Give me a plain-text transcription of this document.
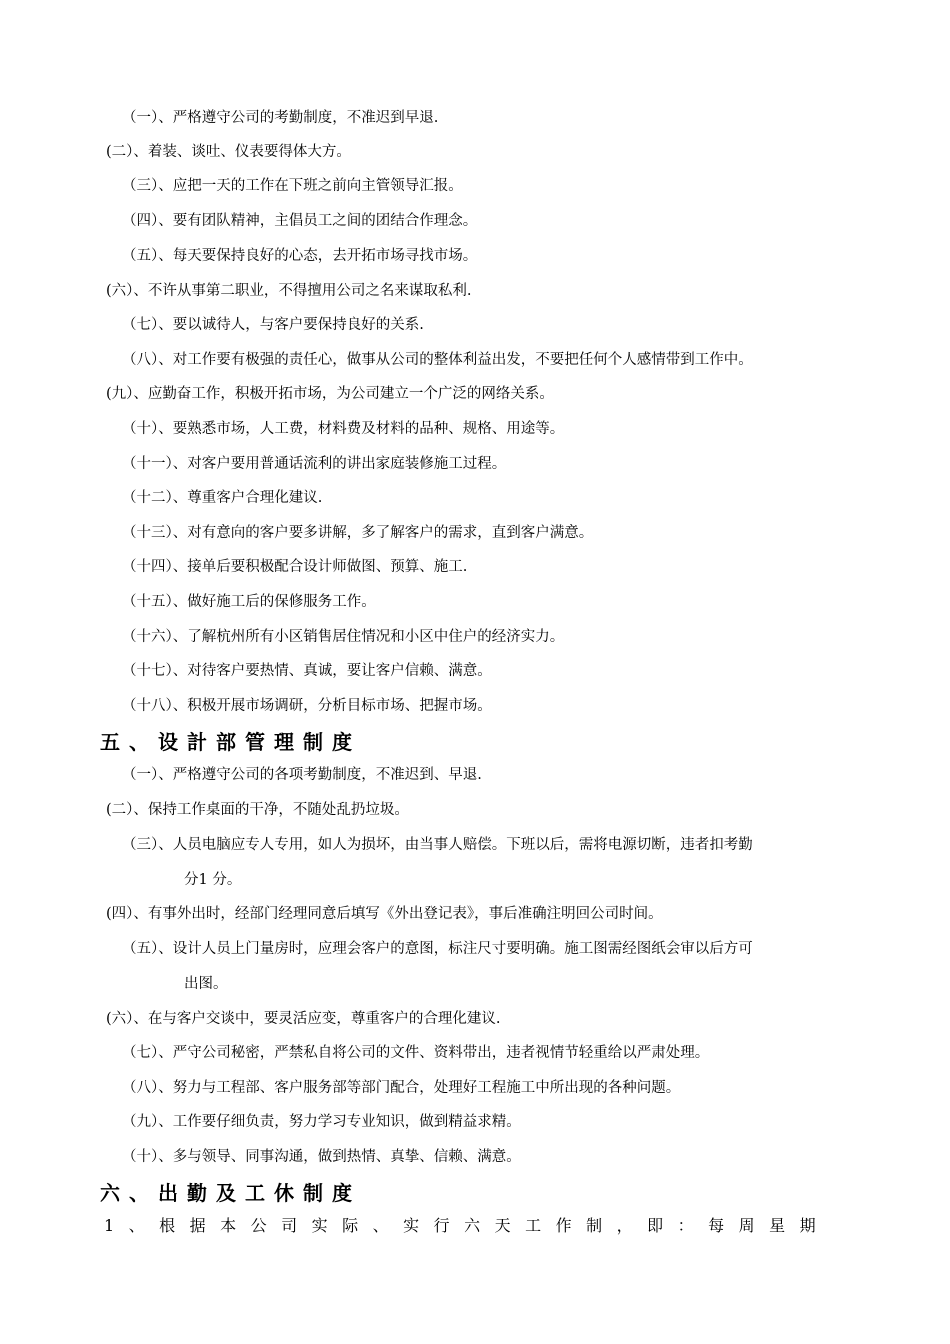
（一）、严格遵守公司的考勤制度，不准迟到早退.
(二）、着装、谈吐、仪表要得体大方。
（三）、应把一天的工作在下班之前向主管领导汇报。
（四）、要有团队精神，主倡员工之间的团结合作理念。
（五）、每天要保持良好的心态，去开拓市场寻找市场。
(六）、不许从事第二职业，不得擅用公司之名来谋取私利.
（七）、要以诚待人，与客户要保持良好的关系.
（八）、对工作要有极强的责任心，做事从公司的整体利益出发，不要把任何个人感情带到工作中。
(九）、应勤奋工作，积极开拓市场，为公司建立一个广泛的网络关系。
（十）、要熟悉市场，人工费，材料费及材料的品种、规格、用途等。
（十一）、对客户要用普通话流利的讲出家庭装修施工过程。
（十二）、尊重客户合理化建议.
（十三）、对有意向的客户要多讲解，多了解客户的需求，直到客户满意。
（十四）、接单后要积极配合设计师做图、预算、施工.
（十五）、做好施工后的保修服务工作。
（十六）、了解杭州所有小区销售居住情况和小区中住户的经济实力。
（十七）、对待客户要热情、真诚，要让客户信赖、满意。
（十八）、积极开展市场调研，分析目标市场、把握市场。
五、设計部管理制度
（一）、严格遵守公司的各项考勤制度，不准迟到、早退.
(二）、保持工作桌面的干净，不随处乱扔垃圾。
（三）、人员电脑应专人专用，如人为损坏，由当事人赔偿。下班以后，需将电源切断，违者扣考勤
分1 分。
(四）、有事外出时，经部门经理同意后填写《外出登记表》，事后准确注明回公司时间。
（五）、设计人员上门量房时，应理会客户的意图，标注尺寸要明确。施工图需经图纸会审以后方可
出图。
(六）、在与客户交谈中，要灵活应变，尊重客户的合理化建议.
（七）、严守公司秘密，严禁私自将公司的文件、资料带出，违者视情节轻重给以严肃处理。
（八）、努力与工程部、客户服务部等部门配合，处理好工程施工中所出现的各种问题。
（九）、工作要仔细负责，努力学习专业知识，做到精益求精。
（十）、多与领导、同事沟通，做到热情、真挚、信赖、满意。
六、出勤及工休制度
1、根据本公司实际、实行六天工作制，即：每周星期
